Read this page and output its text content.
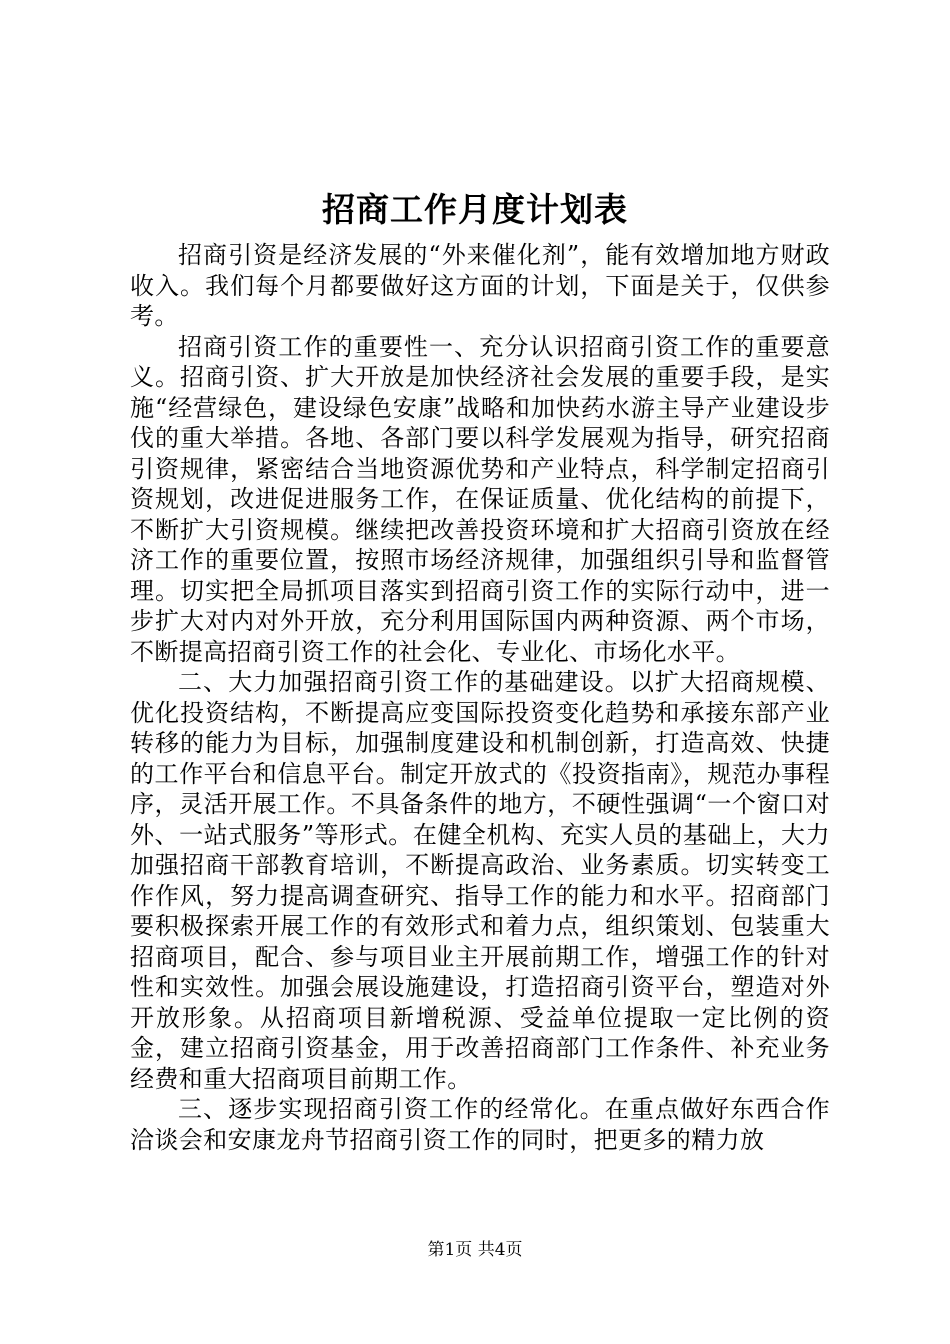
招商工作月度计划表

招商引资是经济发展的“外来催化剂”，能有效增加地方财政收入。我们每个月都要做好这方面的计划，下面是关于，仅供参考。

招商引资工作的重要性一、充分认识招商引资工作的重要意义。招商引资、扩大开放是加快经济社会发展的重要手段，是实施“经营绿色，建设绿色安康”战略和加快药水游主导产业建设步伐的重大举措。各地、各部门要以科学发展观为指导，研究招商引资规律，紧密结合当地资源优势和产业特点，科学制定招商引资规划，改进促进服务工作，在保证质量、优化结构的前提下，不断扩大引资规模。继续把改善投资环境和扩大招商引资放在经济工作的重要位置，按照市场经济规律，加强组织引导和监督管理。切实把全局抓项目落实到招商引资工作的实际行动中，进一步扩大对内对外开放，充分利用国际国内两种资源、两个市场，不断提高招商引资工作的社会化、专业化、市场化水平。

二、大力加强招商引资工作的基础建设。以扩大招商规模、优化投资结构，不断提高应变国际投资变化趋势和承接东部产业转移的能力为目标，加强制度建设和机制创新，打造高效、快捷的工作平台和信息平台。制定开放式的《投资指南》，规范办事程序，灵活开展工作。不具备条件的地方，不硬性强调“一个窗口对外、一站式服务”等形式。在健全机构、充实人员的基础上，大力加强招商干部教育培训，不断提高政治、业务素质。切实转变工作作风，努力提高调查研究、指导工作的能力和水平。招商部门要积极探索开展工作的有效形式和着力点，组织策划、包装重大招商项目，配合、参与项目业主开展前期工作，增强工作的针对性和实效性。加强会展设施建设，打造招商引资平台，塑造对外开放形象。从招商项目新增税源、受益单位提取一定比例的资金，建立招商引资基金，用于改善招商部门工作条件、补充业务经费和重大招商项目前期工作。

三、逐步实现招商引资工作的经常化。在重点做好东西合作洽谈会和安康龙舟节招商引资工作的同时，把更多的精力放

第1页 共4页
